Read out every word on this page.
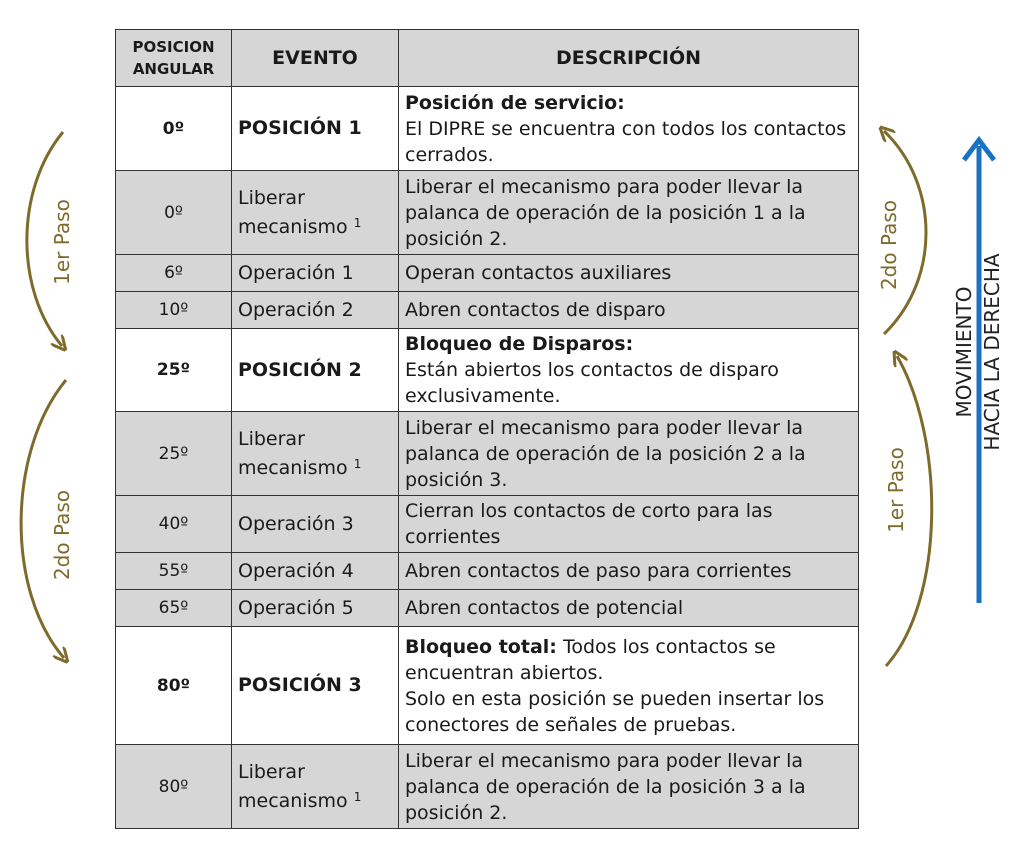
POSICION
ANGULAR	EVENTO	DESCRIPCIÓN
0º	POSICIÓN 1	Posición de servicio:
El DIPRE se encuentra con todos los contactos cerrados.
0º	Liberar mecanismo $^1$	Liberar el mecanismo para poder llevar la palanca de operación de la posición 1 a la posición 2.
6º	Operación 1	Operan contactos auxiliares
10º	Operación 2	Abren contactos de disparo
25º	POSICIÓN 2	Bloqueo de Disparos:
Están abiertos los contactos de disparo exclusivamente.
25º	Liberar mecanismo $^1$	Liberar el mecanismo para poder llevar la palanca de operación de la posición 2 a la posición 3.
40º	Operación 3	Cierran los contactos de corto para las corrientes
55º	Operación 4	Abren contactos de paso para corrientes
65º	Operación 5	Abren contactos de potencial
80º	POSICIÓN 3	Bloqueo total: Todos los contactos se encuentran abiertos.
Solo en esta posición se pueden insertar los conectores de señales de pruebas.
80º	Liberar mecanismo $^1$	Liberar el mecanismo para poder llevar la palanca de operación de la posición 3 a la posición 2.
1er Paso
2do Paso
2do Paso
1er Paso
MOVIMIENTO HACIA LA DERECHA
